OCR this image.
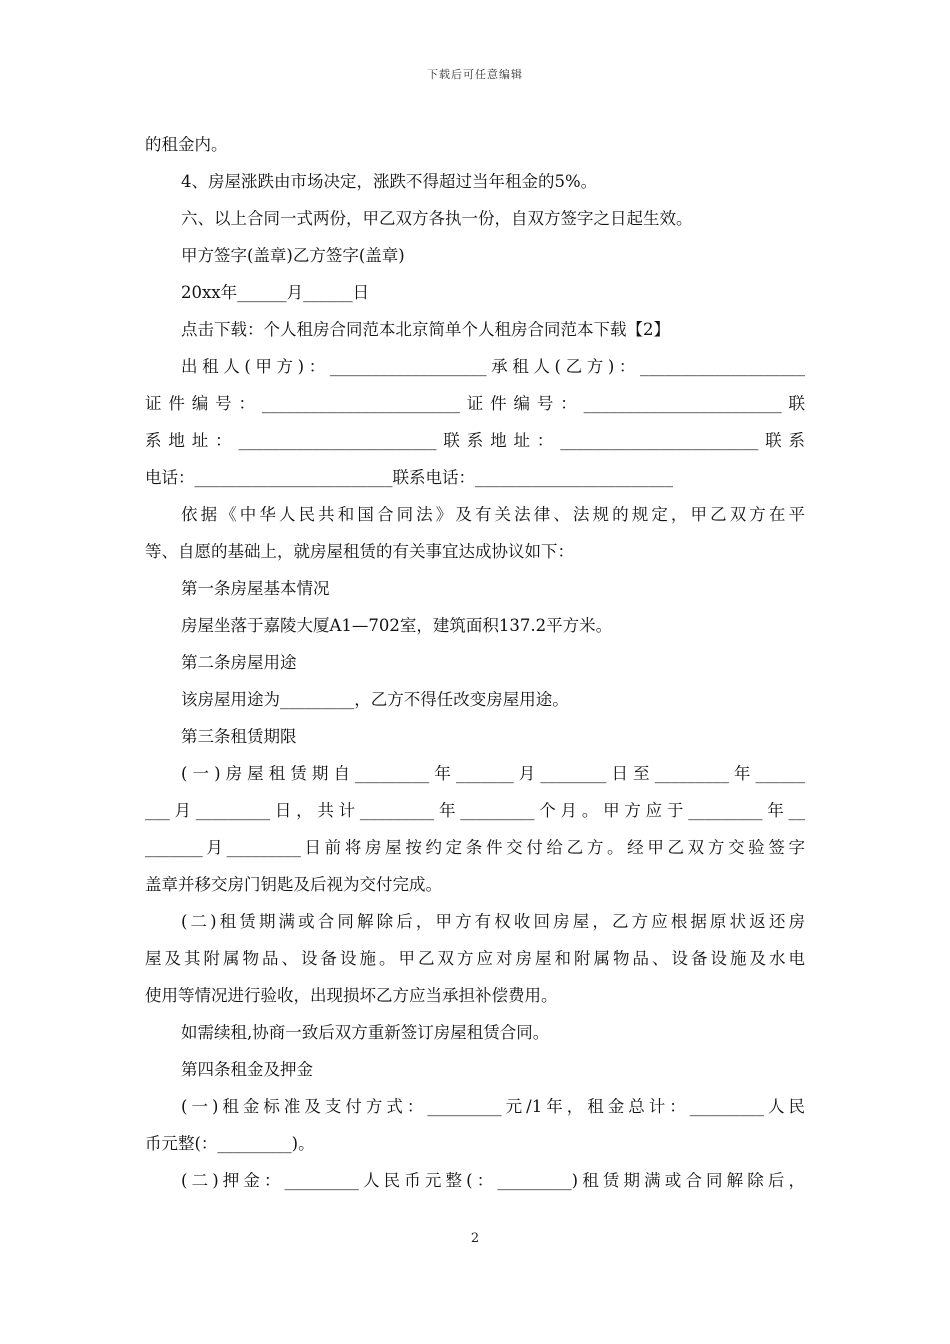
下载后可任意编辑

的租金内。

4、房屋涨跌由市场决定，涨跌不得超过当年租金的5%。

六、以上合同一式两份，甲乙双方各执一份，自双方签字之日起生效。

甲方签字(盖章)乙方签字(盖章)

20xx年______月______日

点击下载：个人租房合同范本北京简单个人租房合同范本下载【2】

出租人(甲方)：___________________承租人(乙方)：____________________

证件编号：________________________证件编号：________________________联

系地址：________________________联系地址：________________________联系

电话：________________________联系电话：________________________

依据《中华人民共和国合同法》及有关法律、法规的规定，甲乙双方在平

等、自愿的基础上，就房屋租赁的有关事宜达成协议如下：

第一条房屋基本情况

房屋坐落于嘉陵大厦A1—702室，建筑面积137.2平方米。

第二条房屋用途

该房屋用途为_________，乙方不得任改变房屋用途。

第三条租赁期限

(一)房屋租赁期自_________年_______月________日至_________年______

___月_________日，共计_________年_________个月。甲方应于_________年__

_______月_________日前将房屋按约定条件交付给乙方。经甲乙双方交验签字

盖章并移交房门钥匙及后视为交付完成。

(二)租赁期满或合同解除后，甲方有权收回房屋，乙方应根据原状返还房

屋及其附属物品、设备设施。甲乙双方应对房屋和附属物品、设备设施及水电

使用等情况进行验收，出现损坏乙方应当承担补偿费用。

如需续租,协商一致后双方重新签订房屋租赁合同。

第四条租金及押金

(一)租金标准及支付方式：_________元/1年，租金总计：_________人民

币元整(：_________)。

(二)押金：_________人民币元整(：_________)租赁期满或合同解除后，

2
